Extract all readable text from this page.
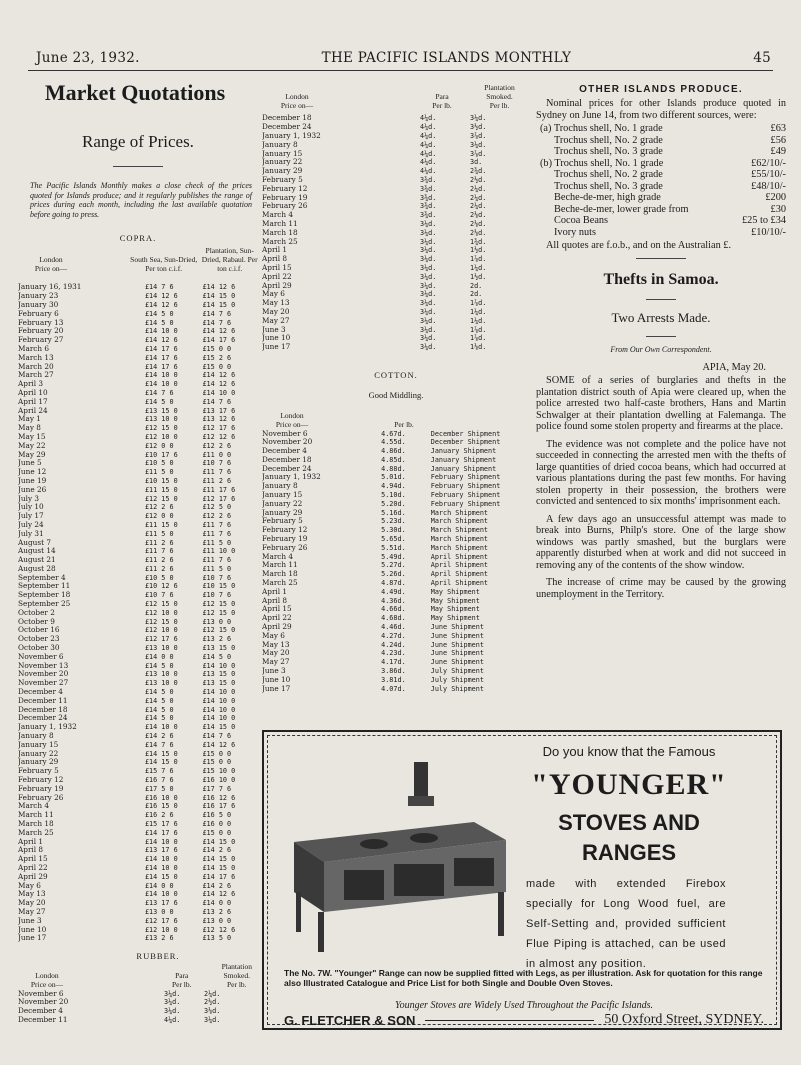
June 23, 1932.	THE PACIFIC ISLANDS MONTHLY	45
Market Quotations
Range of Prices.
The Pacific Islands Monthly makes a close check of the prices quoted for Islands produce; and it regularly publishes the range of prices during each month, including the last available quotation before going to press.
COPRA.
London
Price on—
South Sea, Sun-Dried, Per ton c.i.f.
Plantation, Sun-Dried, Rabaul. Per ton c.i.f.
January 16, 1931	£14 7 6	£14 12 6
January 23	£14 12 6	£14 15 0
January 30	£14 12 6	£14 15 0
February 6	£14 5 0	£14 7 6
February 13	£14 5 0	£14 7 6
February 20	£14 10 0	£14 12 6
February 27	£14 12 6	£14 17 6
March 6	£14 17 6	£15 0 0
March 13	£14 17 6	£15 2 6
March 20	£14 17 6	£15 0 0
March 27	£14 10 0	£14 12 6
April 3	£14 10 0	£14 12 6
April 10	£14 7 6	£14 10 0
April 17	£14 5 0	£14 7 6
April 24	£13 15 0	£13 17 6
May 1	£13 10 0	£13 12 6
May 8	£12 15 0	£12 17 6
May 15	£12 10 0	£12 12 6
May 22	£12 0 0	£12 2 6
May 29	£10 17 6	£11 0 0
June 5	£10 5 0	£10 7 6
June 12	£11 5 0	£11 7 6
June 19	£10 15 0	£11 2 6
June 26	£11 15 0	£11 17 6
July 3	£12 15 0	£12 17 6
July 10	£12 2 6	£12 5 0
July 17	£12 0 0	£12 2 6
July 24	£11 15 0	£11 7 6
July 31	£11 5 0	£11 7 6
August 7	£11 2 6	£11 5 0
August 14	£11 7 6	£11 10 0
August 21	£11 2 6	£11 7 6
August 28	£11 2 6	£11 5 0
September 4	£10 5 0	£10 7 6
September 11	£10 12 6	£10 15 0
September 18	£10 7 6	£10 7 6
September 25	£12 15 0	£12 15 0
October 2	£12 10 0	£12 15 0
October 9	£12 15 0	£13 0 0
October 16	£12 10 0	£12 15 0
October 23	£12 17 6	£13 2 6
October 30	£13 10 0	£13 15 0
November 6	£14 0 0	£14 5 0
November 13	£14 5 0	£14 10 0
November 20	£13 10 0	£13 15 0
November 27	£13 10 0	£13 15 0
December 4	£14 5 0	£14 10 0
December 11	£14 5 0	£14 10 0
December 18	£14 5 0	£14 10 0
December 24	£14 5 0	£14 10 0
January 1, 1932	£14 10 0	£14 15 0
January 8	£14 2 6	£14 7 6
January 15	£14 7 6	£14 12 6
January 22	£14 15 0	£15 0 0
January 29	£14 15 0	£15 0 0
February 5	£15 7 6	£15 10 0
February 12	£16 7 6	£16 10 0
February 19	£17 5 0	£17 7 6
February 26	£16 10 0	£16 12 6
March 4	£16 15 0	£16 17 6
March 11	£16 2 6	£16 5 0
March 18	£15 17 6	£16 0 0
March 25	£14 17 6	£15 0 0
April 1	£14 10 0	£14 15 0
April 8	£13 17 6	£14 2 6
April 15	£14 10 0	£14 15 0
April 22	£14 10 0	£14 15 0
April 29	£14 15 0	£14 17 6
May 6	£14 0 0	£14 2 6
May 13	£14 10 0	£14 12 6
May 20	£13 17 6	£14 0 0
May 27	£13 0 0	£13 2 6
June 3	£12 17 6	£13 0 0
June 10	£12 10 0	£12 12 6
June 17	£13 2 6	£13 5 0
RUBBER.
London
Price on—
Para
Per lb.
Plantation
Smoked.
Per lb.
November 6	3¼d.	2¼d.
November 20	3¼d.	2½d.
December 4	3¼d.	3⅛d.
December 11	4¼d.	3¼d.
London
Price on—
Para
Per lb.
Plantation
Smoked.
Per lb.
December 18	4¼d.	3¼d.
December 24	4¼d.	3½d.
January 1, 1932	4¼d.	3⅞d.
January 8	4¼d.	3¼d.
January 15	4¼d.	3⅞d.
January 22	4¼d.	3d.
January 29	4¼d.	2¾d.
February 5	3¾d.	2½d.
February 12	3¾d.	2¼d.
February 19	3¾d.	2¼d.
February 26	3¾d.	2¼d.
March 4	3¾d.	2⅛d.
March 11	3¼d.	2⅛d.
March 18	3¼d.	2⅛d.
March 25	3¼d.	1¾d.
April 1	3¼d.	1½d.
April 8	3¼d.	1⅞d.
April 15	3¼d.	1¼d.
April 22	3¼d.	1½d.
April 29	3¼d.	2d.
May 6	3¼d.	2d.
May 13	3¼d.	1⅞d.
May 20	3¼d.	1¼d.
May 27	3¼d.	1¼d.
June 3	3¼d.	1⅞d.
June 10	3¼d.	1⅞d.
June 17	3¼d.	1⅛d.
COTTON.
Good Middling.
London
Price on—	Per lb.
November 6	4.67d.	December Shipment
November 20	4.55d.	December Shipment
December 4	4.86d.	January Shipment
December 18	4.85d.	January Shipment
December 24	4.88d.	January Shipment
January 1, 1932	5.01d.	February Shipment
January 8	4.94d.	February Shipment
January 15	5.10d.	February Shipment
January 22	5.20d.	February Shipment
January 29	5.16d.	March Shipment
February 5	5.23d.	March Shipment
February 12	5.30d.	March Shipment
February 19	5.65d.	March Shipment
February 26	5.51d.	March Shipment
March 4	5.49d.	April Shipment
March 11	5.27d.	April Shipment
March 18	5.26d.	April Shipment
March 25	4.87d.	April Shipment
April 1	4.49d.	May Shipment
April 8	4.36d.	May Shipment
April 15	4.66d.	May Shipment
April 22	4.68d.	May Shipment
April 29	4.46d.	June Shipment
May 6	4.27d.	June Shipment
May 13	4.24d.	June Shipment
May 20	4.23d.	June Shipment
May 27	4.17d.	June Shipment
June 3	3.86d.	July Shipment
June 10	3.81d.	July Shipment
June 17	4.07d.	July Shipment
OTHER ISLANDS PRODUCE.

Nominal prices for other Islands produce quoted in Sydney on June 14, from two different sources, were:

(a) Trochus shell, No. 1 grade	£63
Trochus shell, No. 2 grade	£56
Trochus shell, No. 3 grade	£49
(b) Trochus shell, No. 1 grade	£62/10/-
Trochus shell, No. 2 grade	£55/10/-
Trochus shell, No. 3 grade	£48/10/-
Beche-de-mer, high grade	£200
Beche-de-mer, lower grade from	£30
Cocoa Beans	£25 to £34
Ivory nuts	£10/10/-

All quotes are f.o.b., and on the Australian £.

Thefts in Samoa.
Two Arrests Made.
From Our Own Correspondent.
APIA, May 20.

SOME of a series of burglaries and thefts in the plantation district south of Apia were cleared up, when the police arrested two half-caste brothers, Hans and Martin Schwalger at their plantation dwelling at Falemanga. The police found some stolen property and firearms at the place.

The evidence was not complete and the police have not succeeded in connecting the arrested men with the thefts of large quantities of dried cocoa beans, which had occurred at various plantations during the past few months. For having stolen property in their possession, the brothers were convicted and sentenced to six months' imprisonment each.

A few days ago an unsuccessful attempt was made to break into Burns, Philp's store. One of the large show windows was partly smashed, but the burglars were apparently disturbed when at work and did not succeed in removing any of the contents of the show window.

The increase of crime may be caused by the growing unemployment in the Territory.

Do you know that the Famous
"YOUNGER"
STOVES AND
RANGES
made with extended Firebox specially for Long Wood fuel, are Self-Setting and, provided sufficient Flue Piping is attached, can be used in almost any position.
The No. 7W. "Younger" Range can now be supplied fitted with Legs, as per illustration. Ask for quotation for this range also Illustrated Catalogue and Price List for both Single and Double Oven Stoves.
Younger Stoves are Widely Used Throughout the Pacific Islands.
G. FLETCHER & SON	50 Oxford Street, SYDNEY.
